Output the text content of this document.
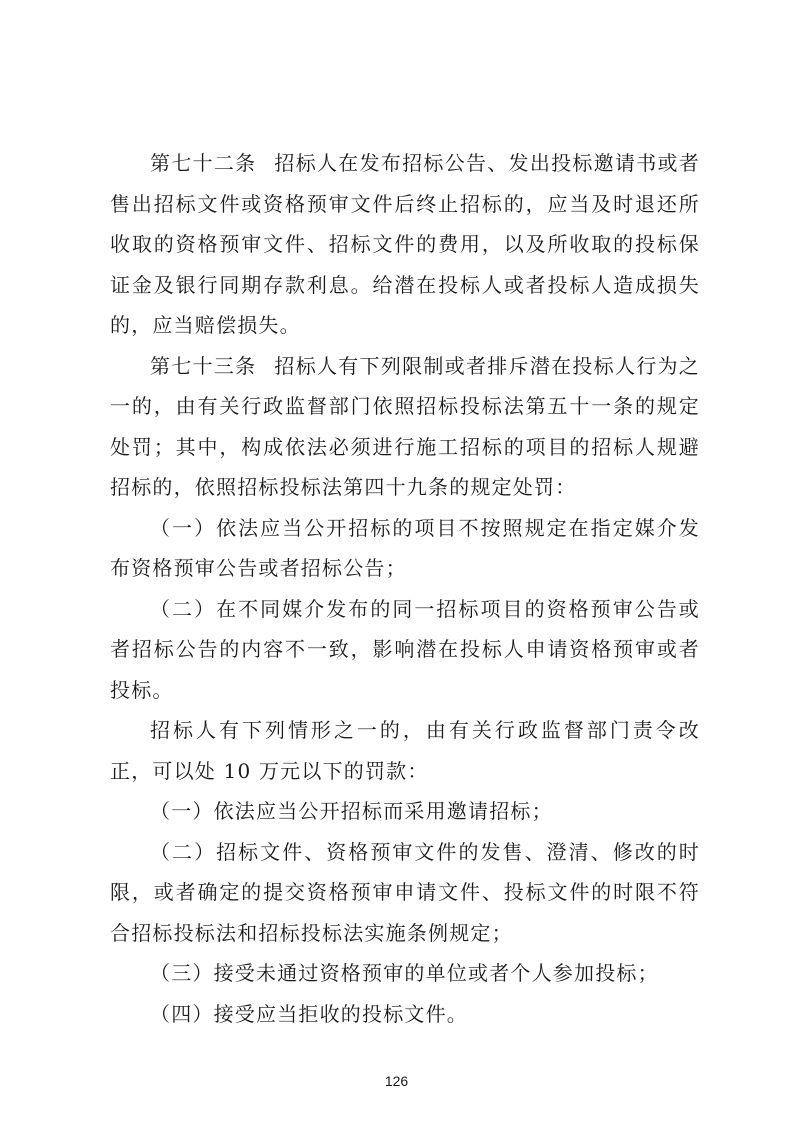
第七十二条 招标人在发布招标公告、发出投标邀请书或者售出招标文件或资格预审文件后终止招标的，应当及时退还所收取的资格预审文件、招标文件的费用，以及所收取的投标保证金及银行同期存款利息。给潜在投标人或者投标人造成损失的，应当赔偿损失。

第七十三条 招标人有下列限制或者排斥潜在投标人行为之一的，由有关行政监督部门依照招标投标法第五十一条的规定处罚；其中，构成依法必须进行施工招标的项目的招标人规避招标的，依照招标投标法第四十九条的规定处罚：

（一）依法应当公开招标的项目不按照规定在指定媒介发布资格预审公告或者招标公告；

（二）在不同媒介发布的同一招标项目的资格预审公告或者招标公告的内容不一致，影响潜在投标人申请资格预审或者投标。

招标人有下列情形之一的，由有关行政监督部门责令改正，可以处 10 万元以下的罚款：

（一）依法应当公开招标而采用邀请招标；

（二）招标文件、资格预审文件的发售、澄清、修改的时限，或者确定的提交资格预审申请文件、投标文件的时限不符合招标投标法和招标投标法实施条例规定；

（三）接受未通过资格预审的单位或者个人参加投标；

（四）接受应当拒收的投标文件。

126
